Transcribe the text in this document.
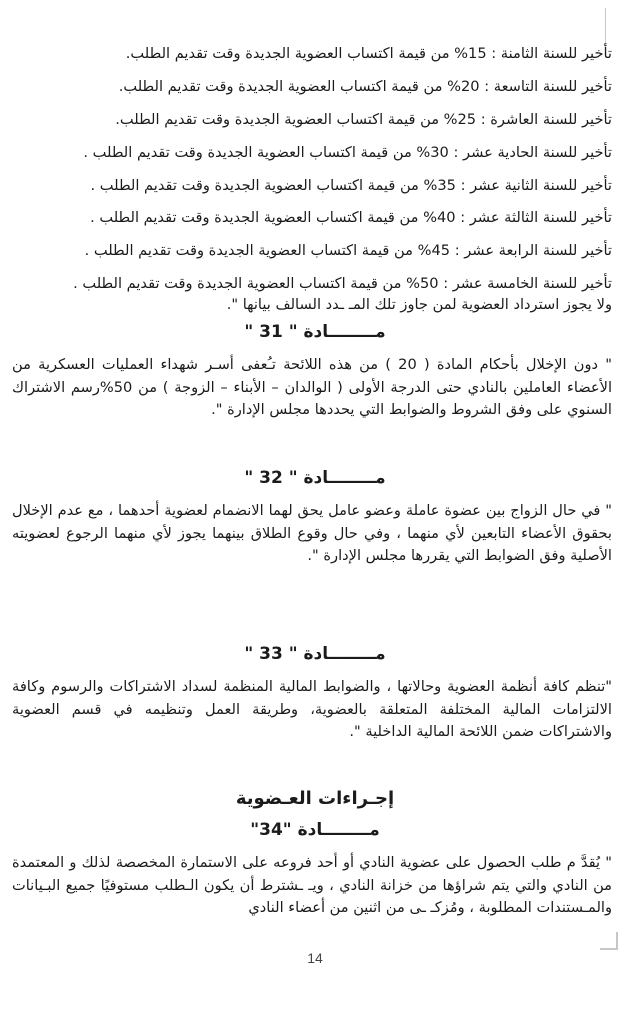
تأخير للسنة الثامنة : 15% من قيمة اكتساب العضوية الجديدة وقت تقديم الطلب.
تأخير للسنة التاسعة : 20% من قيمة اكتساب العضوية الجديدة وقت تقديم الطلب.
تأخير للسنة العاشرة : 25% من قيمة اكتساب العضوية الجديدة وقت تقديم الطلب.
تأخير للسنة الحادية عشر : 30% من قيمة اكتساب العضوية الجديدة وقت تقديم الطلب .
تأخير للسنة الثانية عشر : 35% من قيمة اكتساب العضوية الجديدة وقت تقديم الطلب .
تأخير للسنة الثالثة عشر : 40% من قيمة اكتساب العضوية الجديدة وقت تقديم الطلب .
تأخير للسنة الرابعة عشر : 45% من قيمة اكتساب العضوية الجديدة وقت تقديم الطلب .
تأخير للسنة الخامسة عشر : 50% من قيمة اكتساب العضوية الجديدة وقت تقديم الطلب .
ولا يجوز استرداد العضوية لمن جاوز تلك المـ ـدد السالف بيانها ".
مــــــــادة " 31 "
" دون الإخلال بأحكام المادة ( 20 ) من هذه اللائحة تـُعفى أسـر شهداء العمليات العسكرية من الأعضاء العاملين بالنادي حتى الدرجة الأولى ( الوالدان – الأبناء – الزوجة ) من 50%رسم الاشتراك السنوي على وفق الشروط والضوابط التي يحددها مجلس الإدارة ".
مــــــــادة " 32 "
" في حال الزواج بين عضوة عاملة وعضو عامل يحق لهما الانضمام لعضوية أحدهما ، مع عدم الإخلال بحقوق الأعضاء التابعين لأي منهما ، وفي حال وقوع الطلاق بينهما يجوز لأي منهما الرجوع لعضويته الأصلية وفق الضوابط التي يقررها مجلس الإدارة ".
مــــــــادة " 33 "
"تنظم كافة أنظمة العضوية وحالاتها ، والضوابط المالية المنظمة لسداد الاشتراكات والرسوم وكافة الالتزامات المالية المختلفة المتعلقة بالعضوية، وطريقة العمل وتنظيمه في قسم العضوية والاشتراكات ضمن اللائحة المالية الداخلية ".
إجـراءات العـضوية
مــــــــادة "34"
" يُقدَّ م طلب الحصول على عضوية النادي أو أحد فروعه على الاستمارة المخصصة لذلك و المعتمدة من النادي والتي يتم شراؤها من خزانة النادي ، ويـ ـشترط أن يكون الـطلب مستوفيًا جميع البـيانات والمـستندات المطلوبة ، ومُزكـ ـى من اثنين من أعضاء النادي
14
